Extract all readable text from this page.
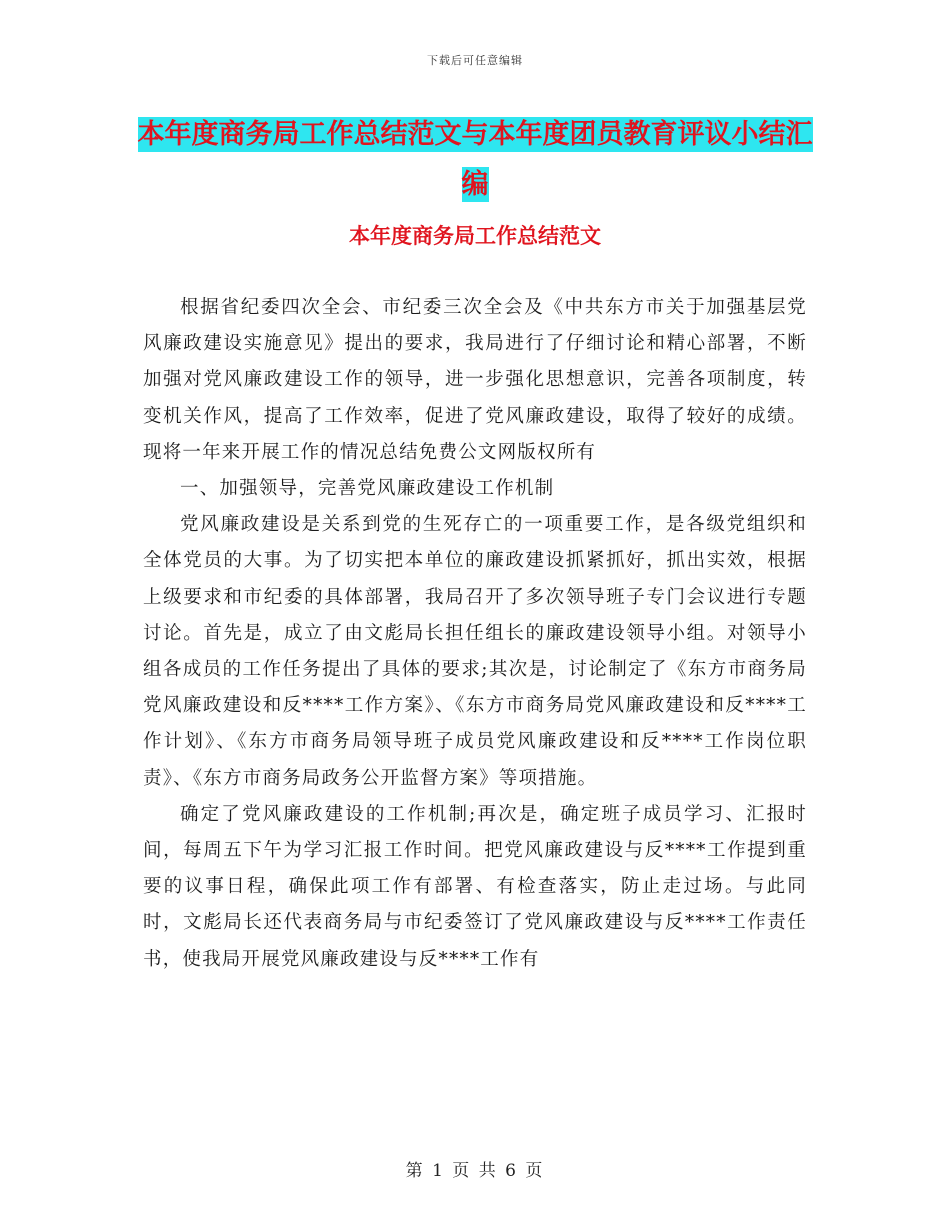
下载后可任意编辑
本年度商务局工作总结范文与本年度团员教育评议小结汇编
本年度商务局工作总结范文

根据省纪委四次全会、市纪委三次全会及《中共东方市关于加强基层党风廉政建设实施意见》提出的要求，我局进行了仔细讨论和精心部署，不断加强对党风廉政建设工作的领导，进一步强化思想意识，完善各项制度，转变机关作风，提高了工作效率，促进了党风廉政建设，取得了较好的成绩。现将一年来开展工作的情况总结免费公文网版权所有

一、加强领导，完善党风廉政建设工作机制

党风廉政建设是关系到党的生死存亡的一项重要工作，是各级党组织和全体党员的大事。为了切实把本单位的廉政建设抓紧抓好，抓出实效，根据上级要求和市纪委的具体部署，我局召开了多次领导班子专门会议进行专题讨论。首先是，成立了由文彪局长担任组长的廉政建设领导小组。对领导小组各成员的工作任务提出了具体的要求;其次是，讨论制定了《东方市商务局党风廉政建设和反****工作方案》、《东方市商务局党风廉政建设和反****工作计划》、《东方市商务局领导班子成员党风廉政建设和反****工作岗位职责》、《东方市商务局政务公开监督方案》等项措施。

确定了党风廉政建设的工作机制;再次是，确定班子成员学习、汇报时间，每周五下午为学习汇报工作时间。把党风廉政建设与反****工作提到重要的议事日程，确保此项工作有部署、有检查落实，防止走过场。与此同时，文彪局长还代表商务局与市纪委签订了党风廉政建设与反****工作责任书，使我局开展党风廉政建设与反****工作有

第 1 页 共 6 页
